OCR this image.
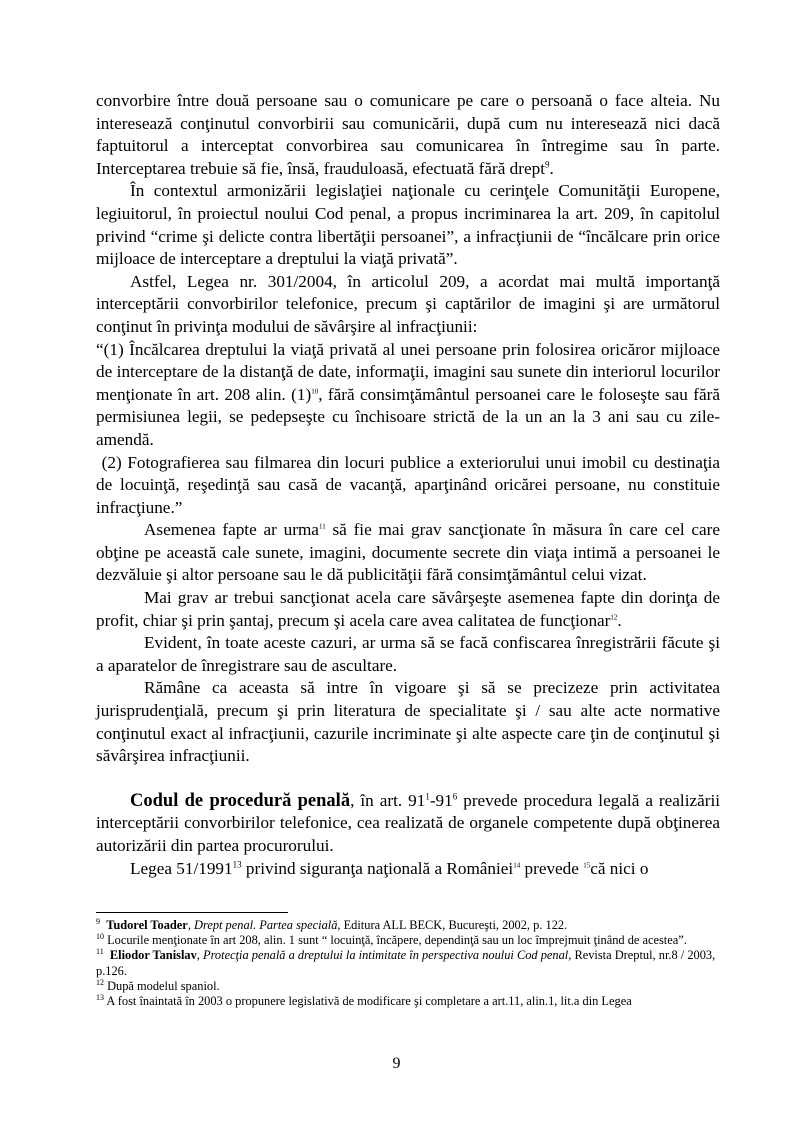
convorbire între două persoane sau o comunicare pe care o persoană o face alteia. Nu interesează conţinutul convorbirii sau comunicării, după cum nu interesează nici dacă faptuitorul a interceptat convorbirea sau comunicarea în întregime sau în parte. Interceptarea trebuie să fie, însă, frauduloasă, efectuată fără drept$^9$.

În contextul armonizării legislaţiei naţionale cu cerinţele Comunităţii Europene, legiuitorul, în proiectul noului Cod penal, a propus incriminarea la art. 209, în capitolul privind “crime şi delicte contra libertăţii persoanei”, a infracţiunii de “încălcare prin orice mijloace de interceptare a dreptului la viaţă privată”.

Astfel, Legea nr. 301/2004, în articolul 209, a acordat mai multă importanţă interceptării convorbirilor telefonice, precum şi captărilor de imagini şi are următorul conţinut în privinţa modului de săvârşire al infracţiunii:

“(1) Încălcarea dreptului la viaţă privată al unei persoane prin folosirea oricăror mijloace de interceptare de la distanţă de date, informaţii, imagini sau sunete din interiorul locurilor menţionate în art. 208 alin. $(1)^{10}$, fără consimţământul persoanei care le foloseşte sau fără permisiunea legii, se pedepseşte cu închisoare strictă de la un an la 3 ani sau cu zile-amendă.

(2) Fotografierea sau filmarea din locuri publice a exteriorului unui imobil cu destinaţia de locuinţă, reşedinţă sau casă de vacanţă, aparţinând oricărei persoane, nu constituie infracţiune.”

Asemenea fapte ar urma$^{11}$ să fie mai grav sancţionate în măsura în care cel care obţine pe această cale sunete, imagini, documente secrete din viaţa intimă a persoanei le dezvăluie şi altor persoane sau le dă publicităţii fără consimţământul celui vizat.

Mai grav ar trebui sancţionat acela care săvârşeşte asemenea fapte din dorinţa de profit, chiar şi prin şantaj, precum şi acela care avea calitatea de funcţionar$^{12}$.

Evident, în toate aceste cazuri, ar urma să se facă confiscarea înregistrării făcute şi a aparatelor de înregistrare sau de ascultare.

Rămâne ca aceasta să intre în vigoare şi să se precizeze prin activitatea jurisprudenţială, precum şi prin literatura de specialitate şi / sau alte acte normative conţinutul exact al infracţiunii, cazurile incriminate şi alte aspecte care ţin de conţinutul şi săvârşirea infracţiunii.

Codul de procedură penală, în art. $91^1-91^6$ prevede procedura legală a realizării interceptării convorbirilor telefonice, cea realizată de organele competente după obţinerea autorizării din partea procurorului.

Legea 51/1991$^{13}$ privind siguranţa naţională a României$^{14}$ prevede $^{15}$că nici o

$^9$ Tudorel Toader, Drept penal. Partea specială, Editura ALL BECK, Bucureşti, 2002, p. 122.

$^{10}$ Locurile menţionate în art 208, alin. 1 sunt “ locuinţă, încăpere, dependinţă sau un loc împrejmuit ţinând de acestea”.

$^{11}$ Eliodor Tanislav, Protecţia penală a dreptului la intimitate în perspectiva noului Cod penal, Revista Dreptul, nr.8 / 2003, p.126.

$^{12}$ După modelul spaniol.

$^{13}$ A fost înaintată în 2003 o propunere legislativă de modificare şi completare a art.11, alin.1, lit.a din Legea

9
